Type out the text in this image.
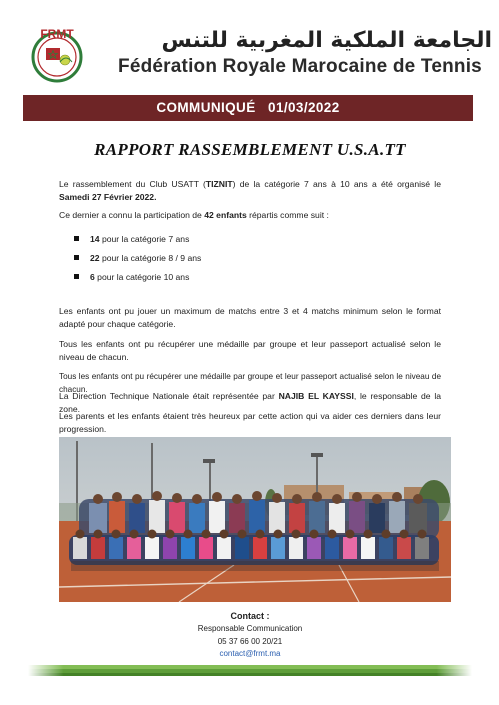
FRMT	الجامعة الملكية المغربية للتنس
Fédération Royale Marocaine de Tennis
COMMUNIQUÉ   01/03/2022
RAPPORT RASSEMBLEMENT U.S.A.TT

Le rassemblement du Club USATT (TIZNIT) de la catégorie 7 ans à 10 ans a été organisé le Samedi 27 Février 2022.

Ce dernier a connu la participation de 42 enfants répartis comme suit :

14 pour la catégorie 7 ans
22 pour la catégorie 8 / 9 ans
6 pour la catégorie 10 ans

Les enfants ont pu jouer un maximum de matchs entre 3 et 4 matchs minimum selon le format adapté pour chaque catégorie.

Tous les enfants ont pu récupérer une médaille par groupe et leur passeport actualisé selon le niveau de chacun.

Tous les enfants ont pu récupérer une médaille par groupe et leur passeport actualisé selon le niveau de chacun.

La Direction Technique Nationale était représentée par NAJIB EL KAYSSI, le responsable de la zone.

Les parents et les enfants étaient très heureux par cette action qui va aider ces derniers dans leur progression.

Contact :
Responsable Communication
05 37 66 00 20/21
contact@frmt.ma
